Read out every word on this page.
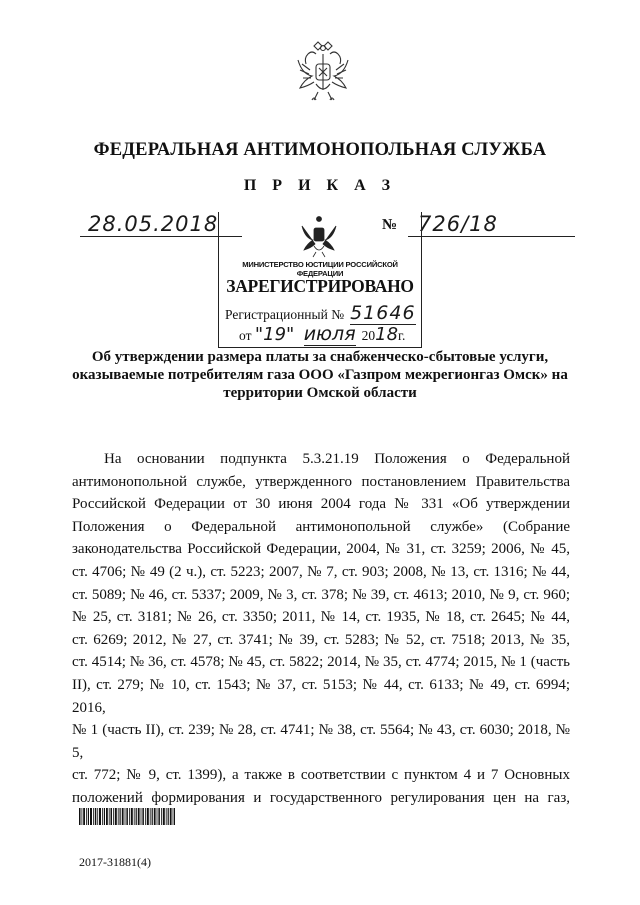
ФЕДЕРАЛЬНАЯ АНТИМОНОПОЛЬНАЯ СЛУЖБА
П Р И К А З
28.05.2018	№ 726/18
МИНИСТЕРСТВО ЮСТИЦИИ РОССИЙСКОЙ ФЕДЕРАЦИИ
ЗАРЕГИСТРИРОВАНО
Регистрационный № 51646
от "19" июля 2018г.
Об утверждении размера платы за снабженческо-сбытовые услуги,
оказываемые потребителям газа ООО «Газпром межрегионгаз Омск» на
территории Омской области
На основании подпункта 5.3.21.19 Положения о Федеральной
антимонопольной службе, утвержденного постановлением Правительства
Российской Федерации от 30 июня 2004 года № 331 «Об утверждении
Положения о Федеральной антимонопольной службе» (Собрание
законодательства Российской Федерации, 2004, № 31, ст. 3259; 2006, № 45,
ст. 4706; № 49 (2 ч.), ст. 5223; 2007, № 7, ст. 903; 2008, № 13, ст. 1316; № 44,
ст. 5089; № 46, ст. 5337; 2009, № 3, ст. 378; № 39, ст. 4613; 2010, № 9, ст. 960;
№ 25, ст. 3181; № 26, ст. 3350; 2011, № 14, ст. 1935, № 18, ст. 2645; № 44,
ст. 6269; 2012, № 27, ст. 3741; № 39, ст. 5283; № 52, ст. 7518; 2013, № 35,
ст. 4514; № 36, ст. 4578; № 45, ст. 5822; 2014, № 35, ст. 4774; 2015, № 1 (часть
II), ст. 279; № 10, ст. 1543; № 37, ст. 5153; № 44, ст. 6133; № 49, ст. 6994; 2016,
№ 1 (часть II), ст. 239; № 28, ст. 4741; № 38, ст. 5564; № 43, ст. 6030; 2018, № 5,
ст. 772; № 9, ст. 1399), а также в соответствии с пунктом 4 и 7 Основных
положений формирования и государственного регулирования цен на газ,
2017-31881(4)
